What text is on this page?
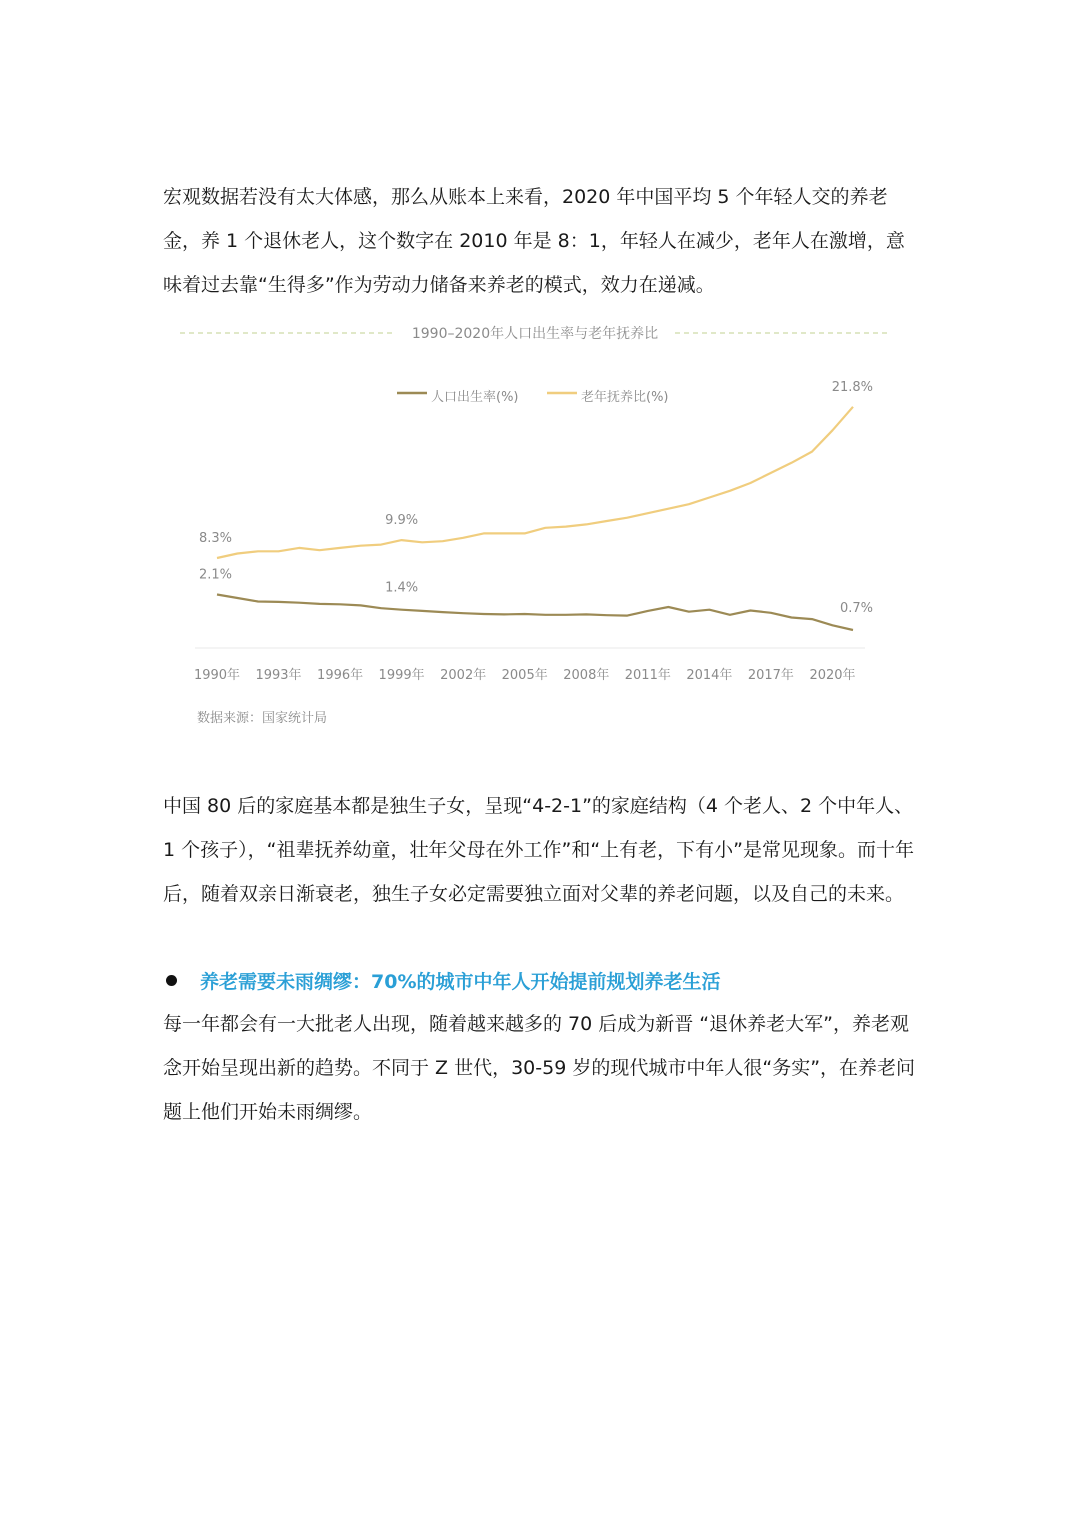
宏观数据若没有太大体感，那么从账本上来看，2020 年中国平均 5 个年轻人交的养老金，养 1 个退休老人，这个数字在 2010 年是 8：1，年轻人在减少，老年人在激增，意味着过去靠“生得多”作为劳动力储备来养老的模式，效力在递减。

1990–2020年人口出生率与老年抚养比
人口出生率(%)	老年抚养比(%)
8.3%
9.9%
21.8%
2.1%
1.4%
0.7%
1990年 1993年 1996年 1999年 2002年 2005年 2008年 2011年 2014年 2017年 2020年
数据来源：国家统计局

中国 80 后的家庭基本都是独生子女，呈现“4-2-1”的家庭结构（4 个老人、2 个中年人、1 个孩子），“祖辈抚养幼童，壮年父母在外工作”和“上有老，下有小”是常见现象。而十年后，随着双亲日渐衰老，独生子女必定需要独立面对父辈的养老问题，以及自己的未来。

养老需要未雨绸缪：70%的城市中年人开始提前规划养老生活

每一年都会有一大批老人出现，随着越来越多的 70 后成为新晋 “退休养老大军”，养老观念开始呈现出新的趋势。不同于 Z 世代，30-59 岁的现代城市中年人很“务实”，在养老问题上他们开始未雨绸缪。
